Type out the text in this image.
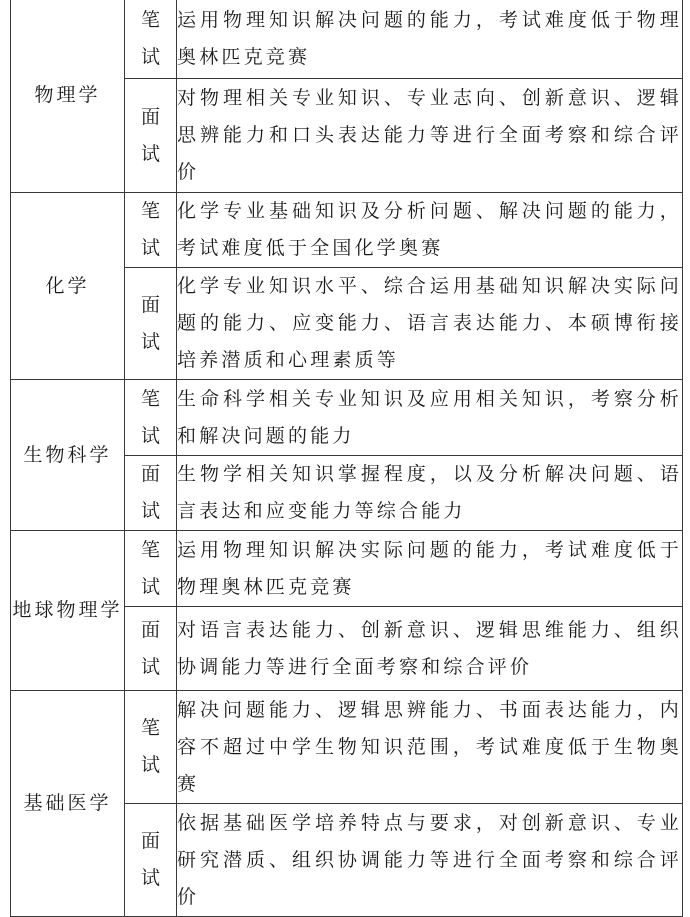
物理学	笔试	运用物理知识解决问题的能力，考试难度低于物理奥林匹克竞赛

	面试	对物理相关专业知识、专业志向、创新意识、逻辑思辨能力和口头表达能力等进行全面考察和综合评价

化学	笔试	化学专业基础知识及分析问题、解决问题的能力，考试难度低于全国化学奥赛

	面试	化学专业知识水平、综合运用基础知识解决实际问题的能力、应变能力、语言表达能力、本硕博衔接培养潜质和心理素质等

生物科学	笔试	生命科学相关专业知识及应用相关知识，考察分析和解决问题的能力

	面试	生物学相关知识掌握程度，以及分析解决问题、语言表达和应变能力等综合能力

地球物理学	笔试	运用物理知识解决实际问题的能力，考试难度低于物理奥林匹克竞赛

	面试	对语言表达能力、创新意识、逻辑思维能力、组织协调能力等进行全面考察和综合评价

基础医学	笔试	解决问题能力、逻辑思辨能力、书面表达能力，内容不超过中学生物知识范围，考试难度低于生物奥赛

	面试	依据基础医学培养特点与要求，对创新意识、专业研究潜质、组织协调能力等进行全面考察和综合评价
